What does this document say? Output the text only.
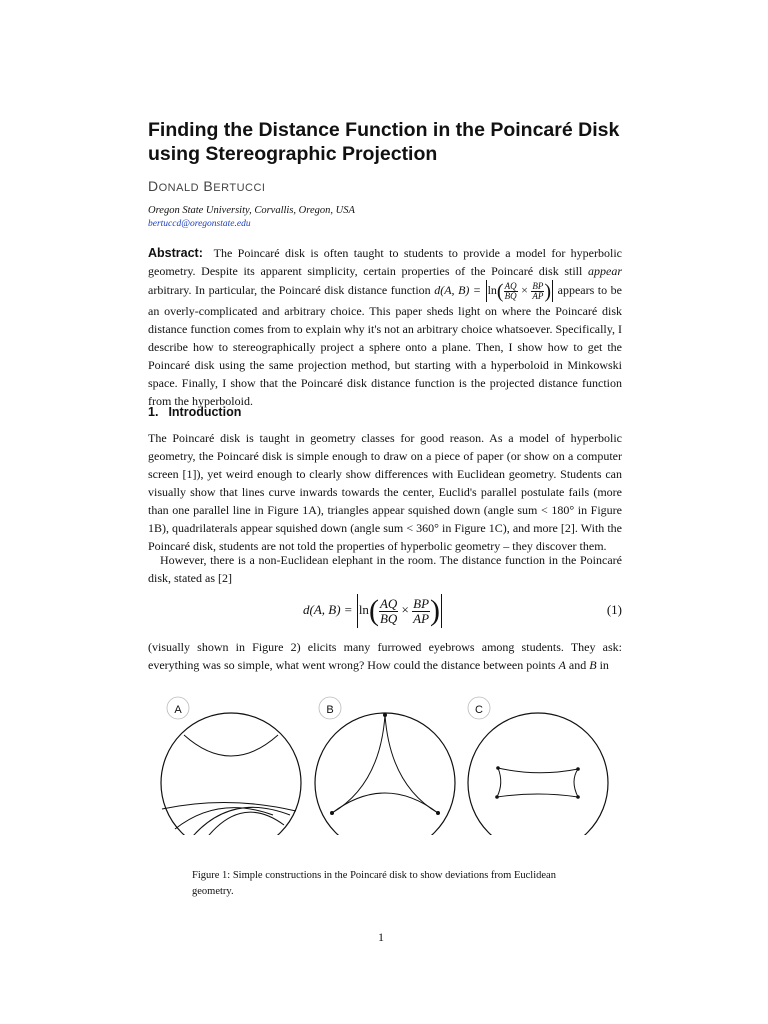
Finding the Distance Function in the Poincaré Disk using Stereographic Projection
DONALD BERTUCCI
Oregon State University, Corvallis, Oregon, USA
bertuccd@oregonstate.edu
Abstract: The Poincaré disk is often taught to students to provide a model for hyperbolic geometry. Despite its apparent simplicity, certain properties of the Poincaré disk still appear arbitrary. In particular, the Poincaré disk distance function d(A, $B) = \ln( \frac{AQ}{BQ} \times \frac{BP}{AP}$ ) appears to be an overly-complicated and arbitrary choice. This paper sheds light on where the Poincaré disk distance function comes from to explain why it's not an arbitrary choice whatsoever. Specifically, I describe how to stereographically project a sphere onto a plane. Then, I show how to get the Poincaré disk using the same projection method, but starting with a hyperboloid in Minkowski space. Finally, I show that the Poincaré disk distance function is the projected distance function from the hyperboloid.
1. Introduction
The Poincaré disk is taught in geometry classes for good reason. As a model of hyperbolic geometry, the Poincaré disk is simple enough to draw on a piece of paper (or show on a computer screen [1]), yet weird enough to clearly show differences with Euclidean geometry. Students can visually show that lines curve inwards towards the center, Euclid's parallel postulate fails (more than one parallel line in Figure 1A), triangles appear squished down (angle sum < 180° in Figure 1B), quadrilaterals appear squished down (angle sum < 360° in Figure 1C), and more [2]. With the Poincaré disk, students are not told the properties of hyperbolic geometry – they discover them.
However, there is a non-Euclidean elephant in the room. The distance function in the Poincaré disk, stated as [2]
d(A, $B) = \ln( \frac{AQ}{BQ} \times \frac{BP}{AP}$ )	(1)
(visually shown in Figure 2) elicits many furrowed eyebrows among students. They ask: everything was so simple, what went wrong? How could the distance between points A and B in
A	B	C
Figure 1: Simple constructions in the Poincaré disk to show deviations from Euclidean geometry.
1
